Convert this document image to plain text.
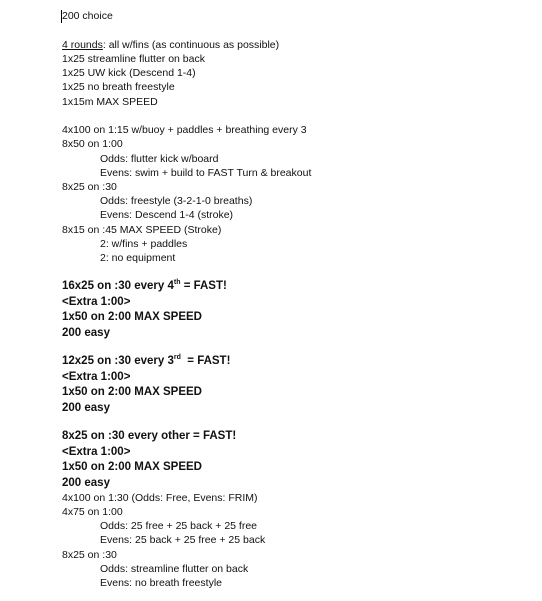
200 choice
4 rounds: all w/fins (as continuous as possible)
1x25 streamline flutter on back
1x25 UW kick (Descend 1-4)
1x25 no breath freestyle
1x15m MAX SPEED
4x100 on 1:15 w/buoy + paddles + breathing every 3
8x50 on 1:00
Odds: flutter kick w/board
Evens: swim + build to FAST Turn & breakout
8x25 on :30
Odds: freestyle (3-2-1-0 breaths)
Evens: Descend 1-4 (stroke)
8x15 on :45 MAX SPEED (Stroke)
2: w/fins + paddles
2: no equipment
16x25 on :30 every 4th = FAST!
<Extra 1:00>
1x50 on 2:00 MAX SPEED
200 easy
12x25 on :30 every 3rd  = FAST!
<Extra 1:00>
1x50 on 2:00 MAX SPEED
200 easy
8x25 on :30 every other = FAST!
<Extra 1:00>
1x50 on 2:00 MAX SPEED
200 easy
4x100 on 1:30 (Odds: Free, Evens: FRIM)
4x75 on 1:00
Odds: 25 free + 25 back + 25 free
Evens: 25 back + 25 free + 25 back
8x25 on :30
Odds: streamline flutter on back
Evens: no breath freestyle
